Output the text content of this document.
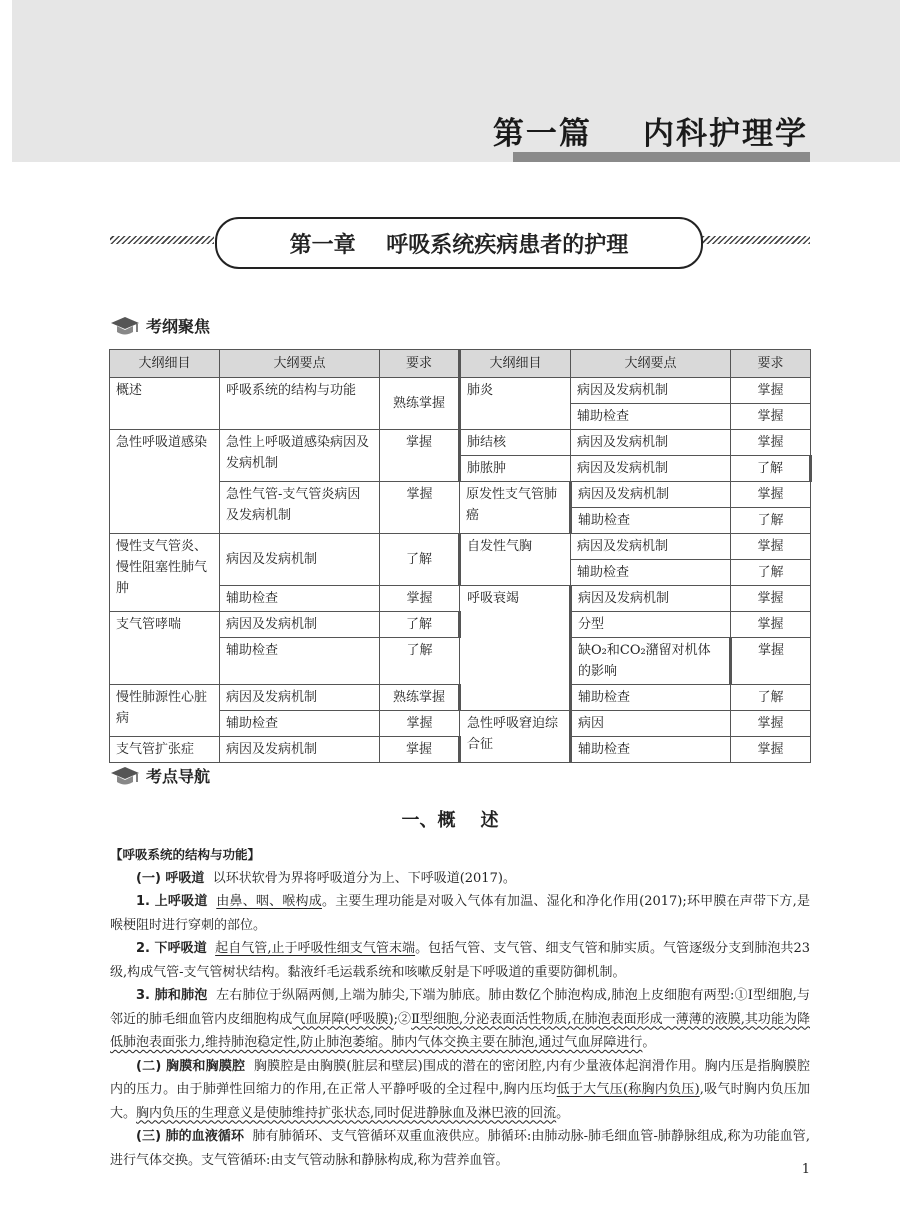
第一篇    内科护理学
第一章    呼吸系统疾病患者的护理
考纲聚焦
大纲细目	大纲要点	要求	大纲细目	大纲要点	要求
概述	呼吸系统的结构与功能	熟练掌握	肺炎	病因及发病机制	掌握
				辅助检查	掌握
急性呼吸道感染	急性上呼吸道感染病因及发病机制	掌握	肺结核	病因及发病机制	掌握
			肺脓肿	病因及发病机制	了解
	急性气管-支气管炎病因及发病机制	掌握	原发性支气管肺癌	病因及发病机制	掌握
				辅助检查	了解
慢性支气管炎、慢性阻塞性肺气肿	病因及发病机制	了解	自发性气胸	病因及发病机制	掌握
				辅助检查	了解
	辅助检查	掌握	呼吸衰竭	病因及发病机制	掌握
支气管哮喘	病因及发病机制	了解		分型	掌握
	辅助检查	了解		缺O₂和CO₂潴留对机体的影响	掌握

慢性肺源性心脏病	病因及发病机制	熟练掌握		辅助检查	了解
	辅助检查	掌握	急性呼吸窘迫综合征	病因	掌握
支气管扩张症	病因及发病机制	掌握		辅助检查	掌握
考点导航
一、概    述

【呼吸系统的结构与功能】

(一) 呼吸道 以环状软骨为界将呼吸道分为上、下呼吸道(2017)。

1. 上呼吸道 由鼻、咽、喉构成。主要生理功能是对吸入气体有加温、湿化和净化作用(2017);环甲膜在声带下方,是喉梗阻时进行穿刺的部位。

2. 下呼吸道 起自气管,止于呼吸性细支气管末端。包括气管、支气管、细支气管和肺实质。气管逐级分支到肺泡共23级,构成气管-支气管树状结构。黏液纤毛运载系统和咳嗽反射是下呼吸道的重要防御机制。

3. 肺和肺泡 左右肺位于纵隔两侧,上端为肺尖,下端为肺底。肺由数亿个肺泡构成,肺泡上皮细胞有两型:①Ⅰ型细胞,与邻近的肺毛细血管内皮细胞构成气血屏障(呼吸膜);②Ⅱ型细胞,分泌表面活性物质,在肺泡表面形成一薄薄的液膜,其功能为降低肺泡表面张力,维持肺泡稳定性,防止肺泡萎缩。肺内气体交换主要在肺泡,通过气血屏障进行。

(二) 胸膜和胸膜腔 胸膜腔是由胸膜(脏层和壁层)围成的潜在的密闭腔,内有少量液体起润滑作用。胸内压是指胸膜腔内的压力。由于肺弹性回缩力的作用,在正常人平静呼吸的全过程中,胸内压均低于大气压(称胸内负压),吸气时胸内负压加大。胸内负压的生理意义是使肺维持扩张状态,同时促进静脉血及淋巴液的回流。

(三) 肺的血液循环 肺有肺循环、支气管循环双重血液供应。肺循环:由肺动脉-肺毛细血管-肺静脉组成,称为功能血管,进行气体交换。支气管循环:由支气管动脉和静脉构成,称为营养血管。

1
